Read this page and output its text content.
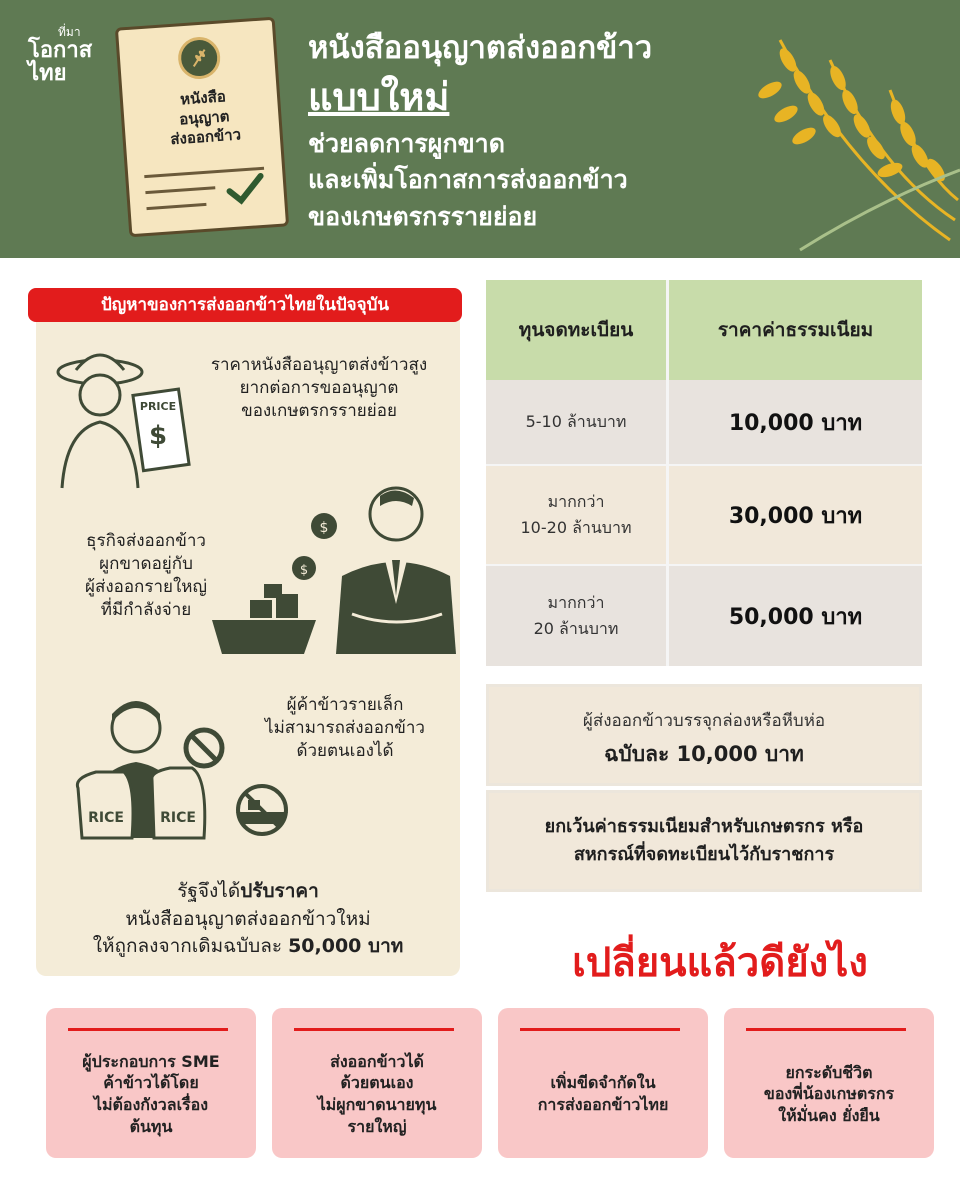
ที่มา
โอกาส
ไทย
หนังสือ
อนุญาต
ส่งออกข้าว
หนังสืออนุญาตส่งออกข้าว
แบบใหม่
ช่วยลดการผูกขาด
และเพิ่มโอกาสการส่งออกข้าว
ของเกษตรกรรายย่อย
ปัญหาของการส่งออกข้าวไทยในปัจจุบัน
PRICE
$
ราคาหนังสืออนุญาตส่งข้าวสูง
ยากต่อการขออนุญาต
ของเกษตรกรรายย่อย
$
$
ธุรกิจส่งออกข้าว
ผูกขาดอยู่กับ
ผู้ส่งออกรายใหญ่
ที่มีกำลังจ่าย
RICE	RICE
ผู้ค้าข้าวรายเล็ก
ไม่สามารถส่งออกข้าว
ด้วยตนเองได้
รัฐจึงได้ปรับราคา
หนังสืออนุญาตส่งออกข้าวใหม่
ให้ถูกลงจากเดิมฉบับละ 50,000 บาท
ทุนจดทะเบียน	ราคาค่าธรรมเนียม
5-10 ล้านบาท	10,000 บาท
มากกว่า
10-20 ล้านบาท	30,000 บาท
มากกว่า
20 ล้านบาท	50,000 บาท
ผู้ส่งออกข้าวบรรจุกล่องหรือหีบห่อ
ฉบับละ 10,000 บาท
ยกเว้นค่าธรรมเนียมสำหรับเกษตรกร หรือ
สหกรณ์ที่จดทะเบียนไว้กับราชการ
เปลี่ยนแล้วดียังไง
ผู้ประกอบการ SME
ค้าข้าวได้โดย
ไม่ต้องกังวลเรื่อง
ต้นทุน
ส่งออกข้าวได้
ด้วยตนเอง
ไม่ผูกขาดนายทุน
รายใหญ่
เพิ่มขีดจำกัดใน
การส่งออกข้าวไทย
ยกระดับชีวิต
ของพี่น้องเกษตรกร
ให้มั่นคง ยั่งยืน
